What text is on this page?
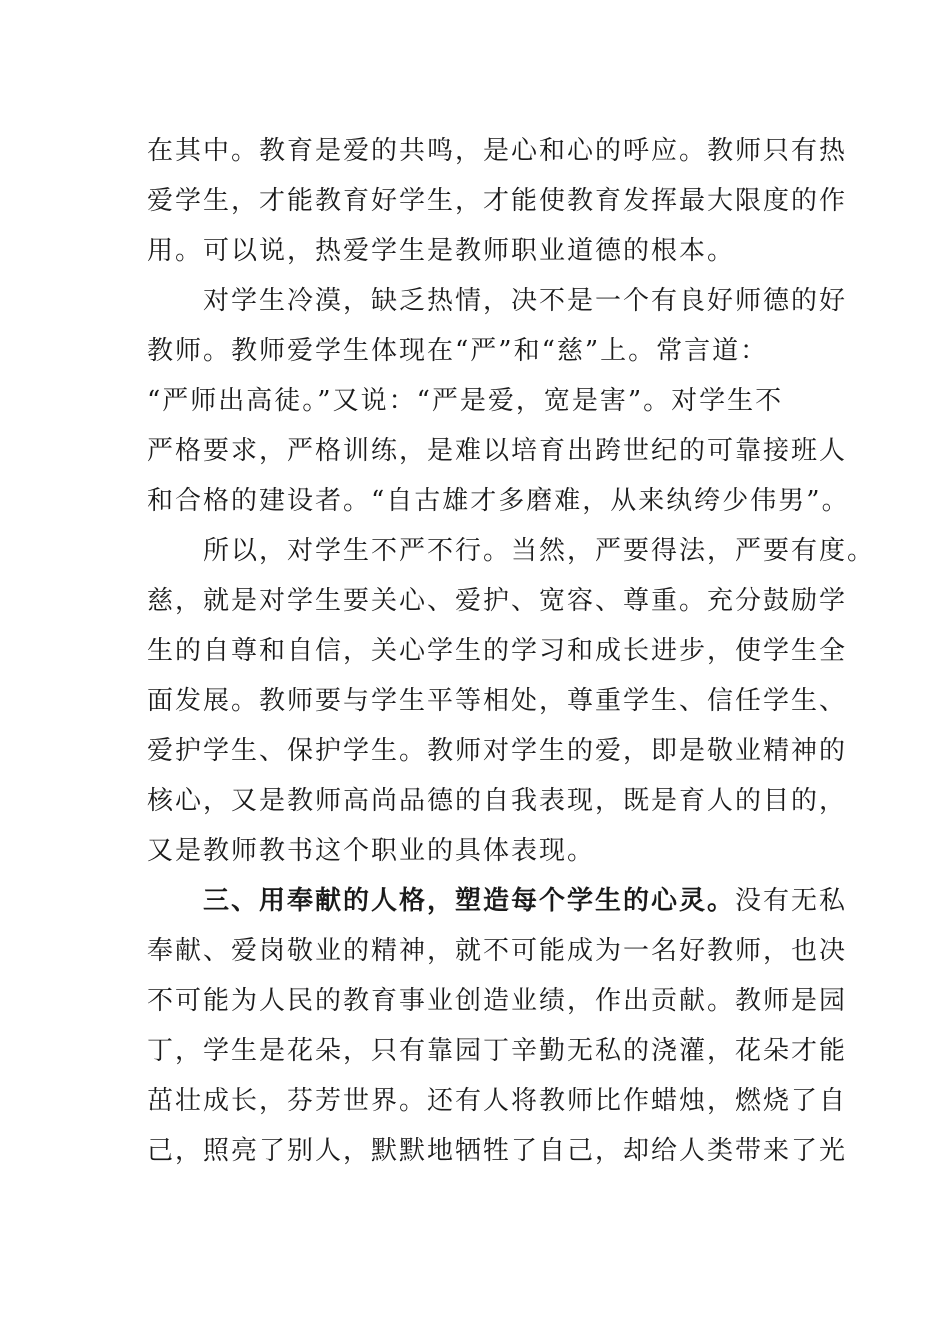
在其中。教育是爱的共鸣，是心和心的呼应。教师只有热
爱学生，才能教育好学生，才能使教育发挥最大限度的作
用。可以说，热爱学生是教师职业道德的根本。
　　对学生冷漠，缺乏热情，决不是一个有良好师德的好
教师。教师爱学生体现在“严”和“慈”上。常言道：
“严师出高徒。”又说：“严是爱，宽是害”。对学生不
严格要求，严格训练，是难以培育出跨世纪的可靠接班人
和合格的建设者。“自古雄才多磨难，从来纨绔少伟男”。
　　所以，对学生不严不行。当然，严要得法，严要有度。
慈，就是对学生要关心、爱护、宽容、尊重。充分鼓励学
生的自尊和自信，关心学生的学习和成长进步，使学生全
面发展。教师要与学生平等相处，尊重学生、信任学生、
爱护学生、保护学生。教师对学生的爱，即是敬业精神的
核心，又是教师高尚品德的自我表现，既是育人的目的，
又是教师教书这个职业的具体表现。
　　三、用奉献的人格，塑造每个学生的心灵。没有无私
奉献、爱岗敬业的精神，就不可能成为一名好教师，也决
不可能为人民的教育事业创造业绩，作出贡献。教师是园
丁，学生是花朵，只有靠园丁辛勤无私的浇灌，花朵才能
茁壮成长，芬芳世界。还有人将教师比作蜡烛，燃烧了自
己，照亮了别人，默默地牺牲了自己，却给人类带来了光
